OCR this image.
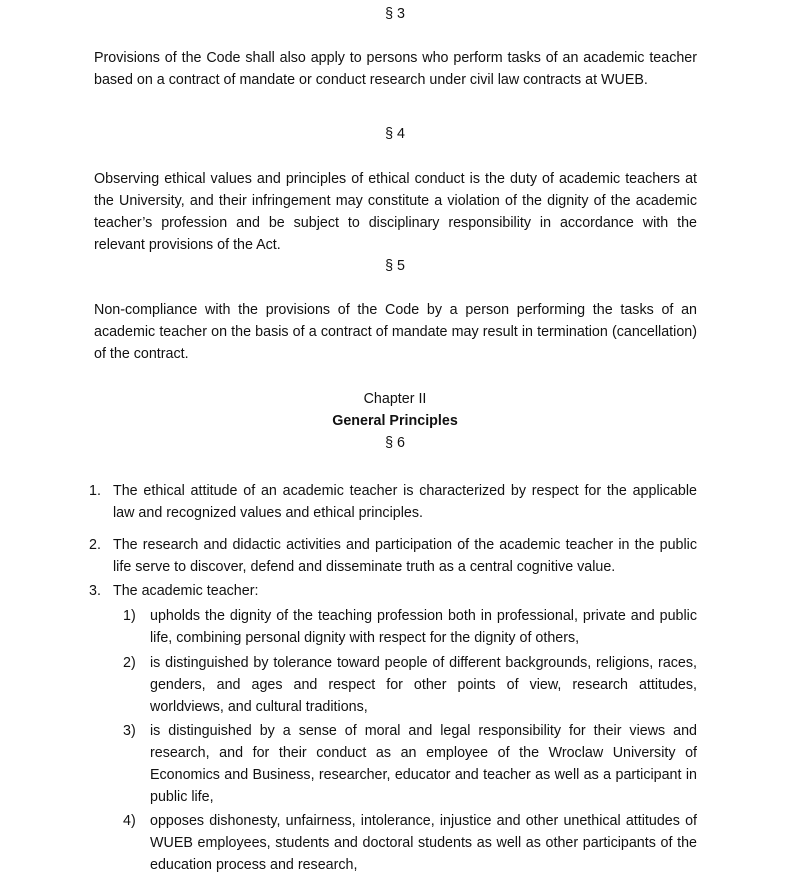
§ 3
Provisions of the Code shall also apply to persons who perform tasks of an academic teacher based on a contract of mandate or conduct research under civil law contracts at WUEB.
§ 4
Observing ethical values and principles of ethical conduct is the duty of academic teachers at the University, and their infringement may constitute a violation of the dignity of the academic teacher’s profession and be subject to disciplinary responsibility in accordance with the relevant provisions of the Act.
§ 5
Non-compliance with the provisions of the Code by a person performing the tasks of an academic teacher on the basis of a contract of mandate may result in termination (cancellation) of the contract.
Chapter II
General Principles
§ 6
1. The ethical attitude of an academic teacher is characterized by respect for the applicable law and recognized values and ethical principles.
2. The research and didactic activities and participation of the academic teacher in the public life serve to discover, defend and disseminate truth as a central cognitive value.
3. The academic teacher:
1) upholds the dignity of the teaching profession both in professional, private and public life, combining personal dignity with respect for the dignity of others,
2) is distinguished by tolerance toward people of different backgrounds, religions, races, genders, and ages and respect for other points of view, research attitudes, worldviews, and cultural traditions,
3) is distinguished by a sense of moral and legal responsibility for their views and research, and for their conduct as an employee of the Wroclaw University of Economics and Business, researcher, educator and teacher as well as a participant in public life,
4) opposes dishonesty, unfairness, intolerance, injustice and other unethical attitudes of WUEB employees, students and doctoral students as well as other participants of the education process and research,
